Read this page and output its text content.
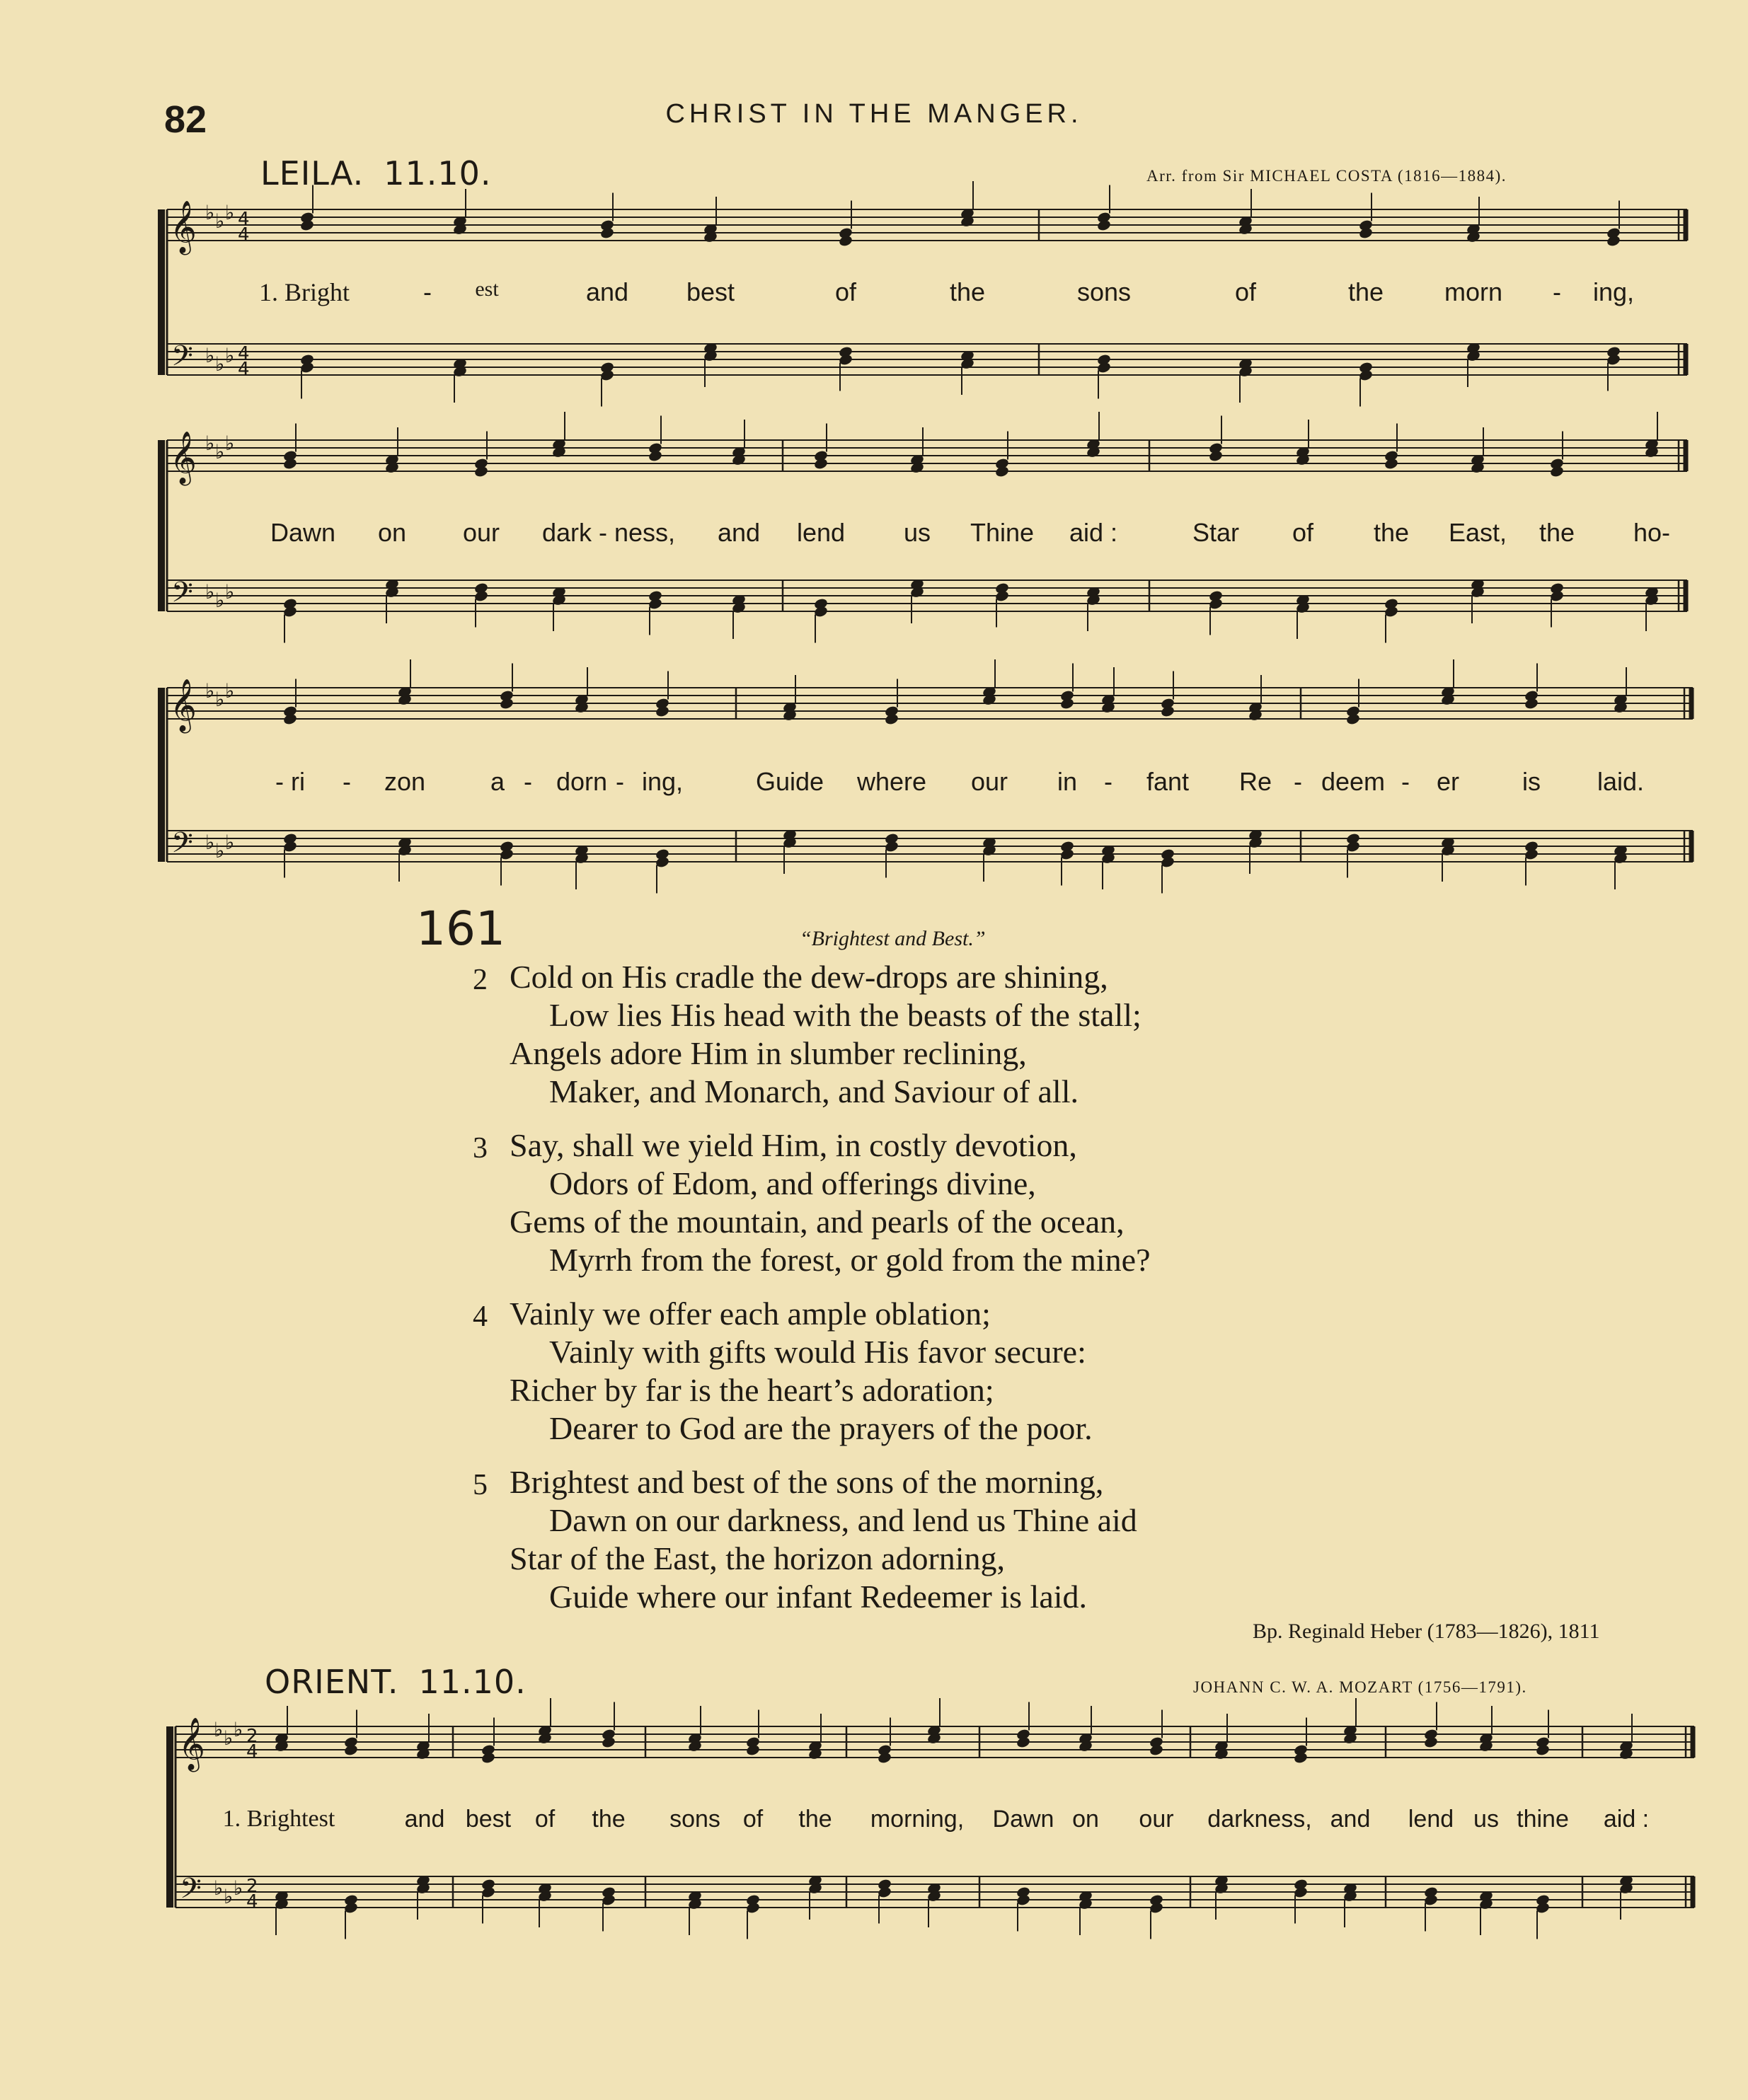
82	CHRIST IN THE MANGER.
LEILA. 11.10.	Arr. from Sir MICHAEL COSTA (1816—1884).
𝄞
𝄢
♭
♭
♭
♭
♭
♭
4
4
4
4
𝄞
𝄢
♭
♭
♭
♭
♭
♭
𝄞
𝄢
♭
♭
♭
♭
♭
♭
𝄞
𝄢
♭
♭
♭
♭
♭
♭
2
4
2
4
1. Bright	- est	and best	of	the	sons	of	the morn - ing,
Dawn on our dark - ness, and lend us Thine aid :	Star of the East, the ho-
- ri - zon	a - dorn - ing,	Guide where our in - fant Re - deem - er is laid.
161	“Brightest and Best.”
2 Cold on His cradle the dew-drops are shining,
Low lies His head with the beasts of the stall;
Angels adore Him in slumber reclining,
Maker, and Monarch, and Saviour of all.
3 Say, shall we yield Him, in costly devotion,
Odors of Edom, and offerings divine,
Gems of the mountain, and pearls of the ocean,
Myrrh from the forest, or gold from the mine?
4 Vainly we offer each ample oblation;
Vainly with gifts would His favor secure:
Richer by far is the heart’s adoration;
Dearer to God are the prayers of the poor.
5 Brightest and best of the sons of the morning,
Dawn on our darkness, and lend us Thine aid
Star of the East, the horizon adorning,
Guide where our infant Redeemer is laid.
Bp. Reginald Heber (1783—1826), 1811
ORIENT. 11.10.	JOHANN C. W. A. MOZART (1756—1791).
1. Brightest	and best of the sons of the morning, Dawn on our darkness, and lend us thine aid :
